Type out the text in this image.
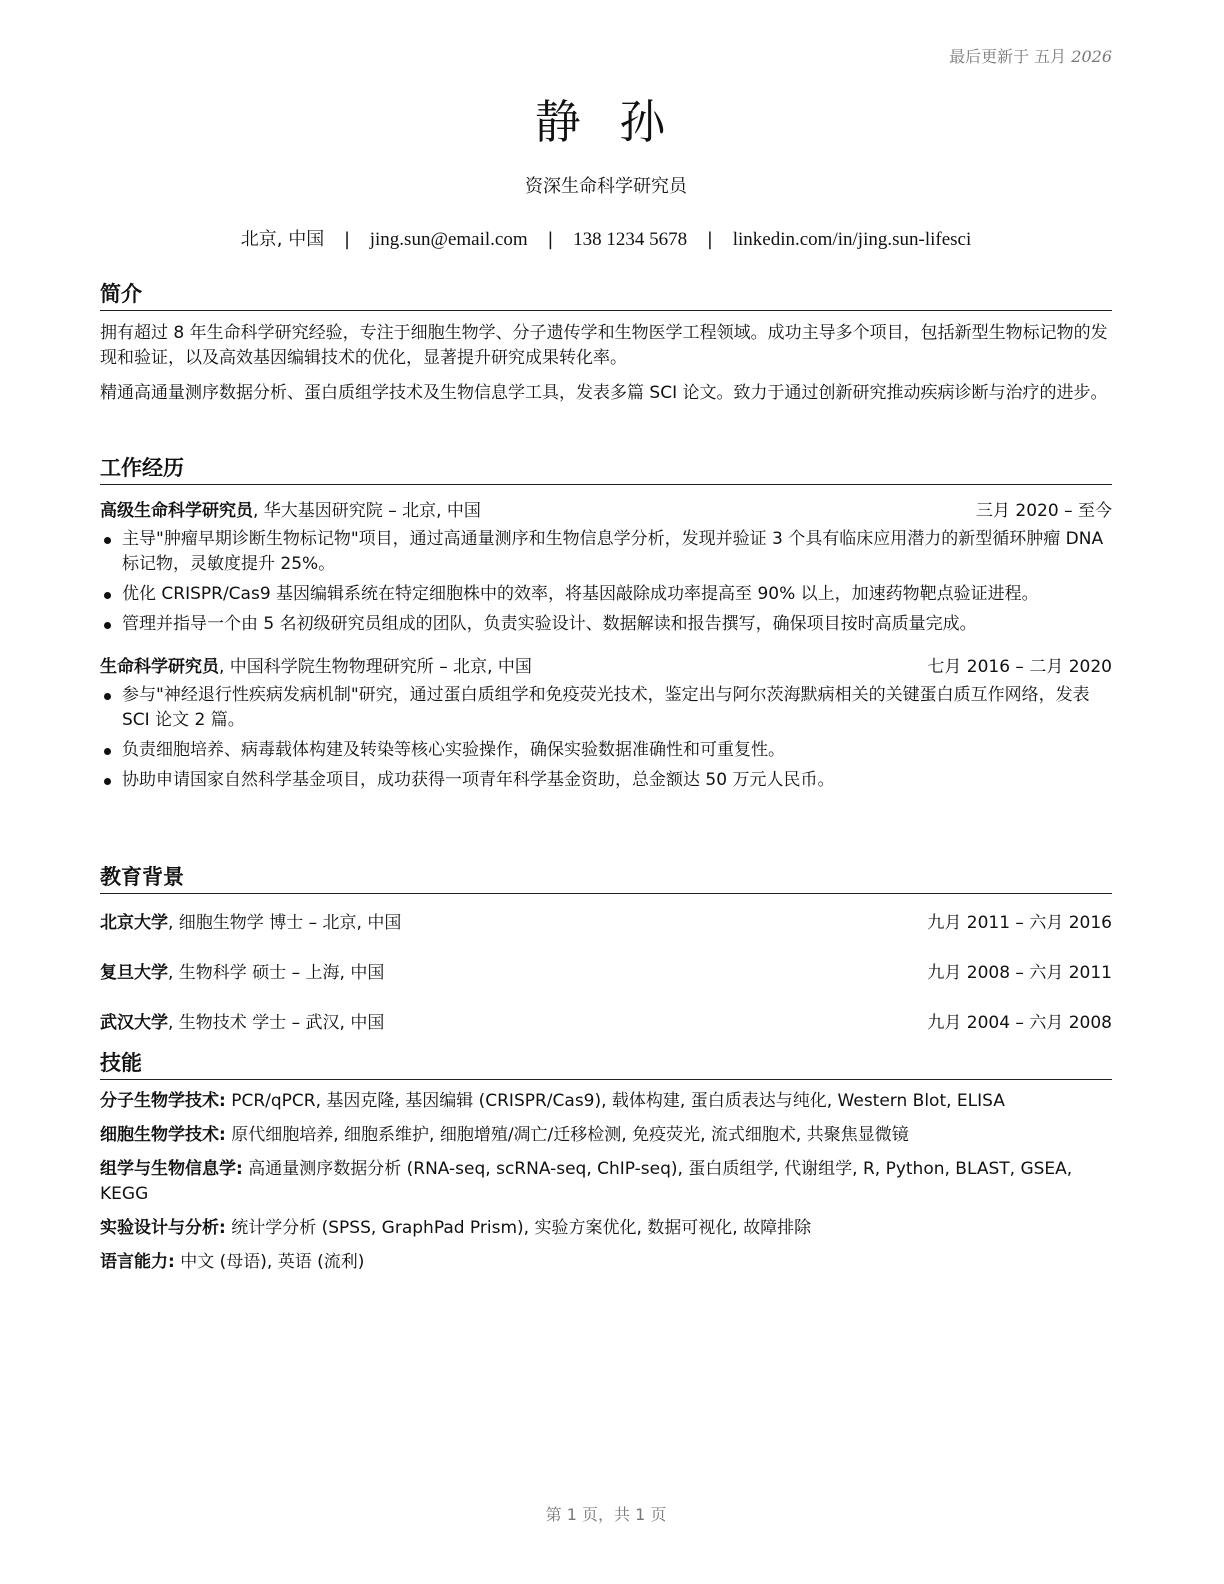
最后更新于 五月 2026
静 孙
资深生命科学研究员
北京, 中国 | jing.sun@email.com | 138 1234 5678 | linkedin.com/in/jing.sun-lifesci
简介

拥有超过 8 年生命科学研究经验，专注于细胞生物学、分子遗传学和生物医学工程领域。成功主导多个项目，包括新型生物标记物的发现和验证，以及高效基因编辑技术的优化，显著提升研究成果转化率。

精通高通量测序数据分析、蛋白质组学技术及生物信息学工具，发表多篇 SCI 论文。致力于通过创新研究推动疾病诊断与治疗的进步。

工作经历
高级生命科学研究员, 华大基因研究院 – 北京, 中国	三月 2020 – 至今
主导"肿瘤早期诊断生物标记物"项目，通过高通量测序和生物信息学分析，发现并验证 3 个具有临床应用潜力的新型循环肿瘤 DNA 标记物，灵敏度提升 25%。
优化 CRISPR/Cas9 基因编辑系统在特定细胞株中的效率，将基因敲除成功率提高至 90% 以上，加速药物靶点验证进程。
管理并指导一个由 5 名初级研究员组成的团队，负责实验设计、数据解读和报告撰写，确保项目按时高质量完成。
生命科学研究员, 中国科学院生物物理研究所 – 北京, 中国	七月 2016 – 二月 2020
参与"神经退行性疾病发病机制"研究，通过蛋白质组学和免疫荧光技术，鉴定出与阿尔茨海默病相关的关键蛋白质互作网络，发表 SCI 论文 2 篇。
负责细胞培养、病毒载体构建及转染等核心实验操作，确保实验数据准确性和可重复性。
协助申请国家自然科学基金项目，成功获得一项青年科学基金资助，总金额达 50 万元人民币。
教育背景
北京大学, 细胞生物学 博士 – 北京, 中国	九月 2011 – 六月 2016
复旦大学, 生物科学 硕士 – 上海, 中国	九月 2008 – 六月 2011
武汉大学, 生物技术 学士 – 武汉, 中国	九月 2004 – 六月 2008
技能
分子生物学技术: PCR/qPCR, 基因克隆, 基因编辑 (CRISPR/Cas9), 载体构建, 蛋白质表达与纯化, Western Blot, ELISA
细胞生物学技术: 原代细胞培养, 细胞系维护, 细胞增殖/凋亡/迁移检测, 免疫荧光, 流式细胞术, 共聚焦显微镜
组学与生物信息学: 高通量测序数据分析 (RNA-seq, scRNA-seq, ChIP-seq), 蛋白质组学, 代谢组学, R, Python, BLAST, GSEA, KEGG
实验设计与分析: 统计学分析 (SPSS, GraphPad Prism), 实验方案优化, 数据可视化, 故障排除
语言能力: 中文 (母语), 英语 (流利)
第 1 页，共 1 页
